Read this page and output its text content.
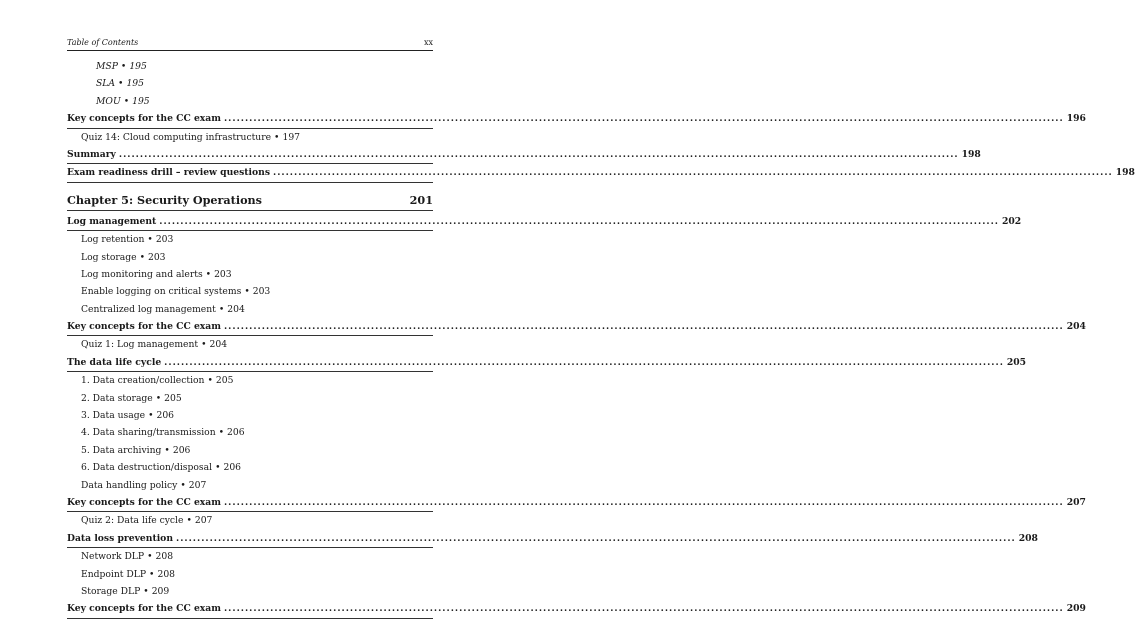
Table of Contents	xx
MSP • 195
SLA • 195
MOU • 195
Key concepts for the CC exam ........................................................................................................................................................................................................ 196
Quiz 14: Cloud computing infrastructure • 197
Summary ........................................................................................................................................................................................................ 198
Exam readiness drill – review questions ........................................................................................................................................................................................................ 198
Chapter 5: Security Operations	201
Log management ........................................................................................................................................................................................................ 202
Log retention • 203
Log storage • 203
Log monitoring and alerts • 203
Enable logging on critical systems • 203
Centralized log management • 204
Key concepts for the CC exam ........................................................................................................................................................................................................ 204
Quiz 1: Log management • 204
The data life cycle ........................................................................................................................................................................................................ 205
1. Data creation/collection • 205
2. Data storage • 205
3. Data usage • 206
4. Data sharing/transmission • 206
5. Data archiving • 206
6. Data destruction/disposal • 206
Data handling policy • 207
Key concepts for the CC exam ........................................................................................................................................................................................................ 207
Quiz 2: Data life cycle • 207
Data loss prevention ........................................................................................................................................................................................................ 208
Network DLP • 208
Endpoint DLP • 208
Storage DLP • 209
Key concepts for the CC exam ........................................................................................................................................................................................................ 209
